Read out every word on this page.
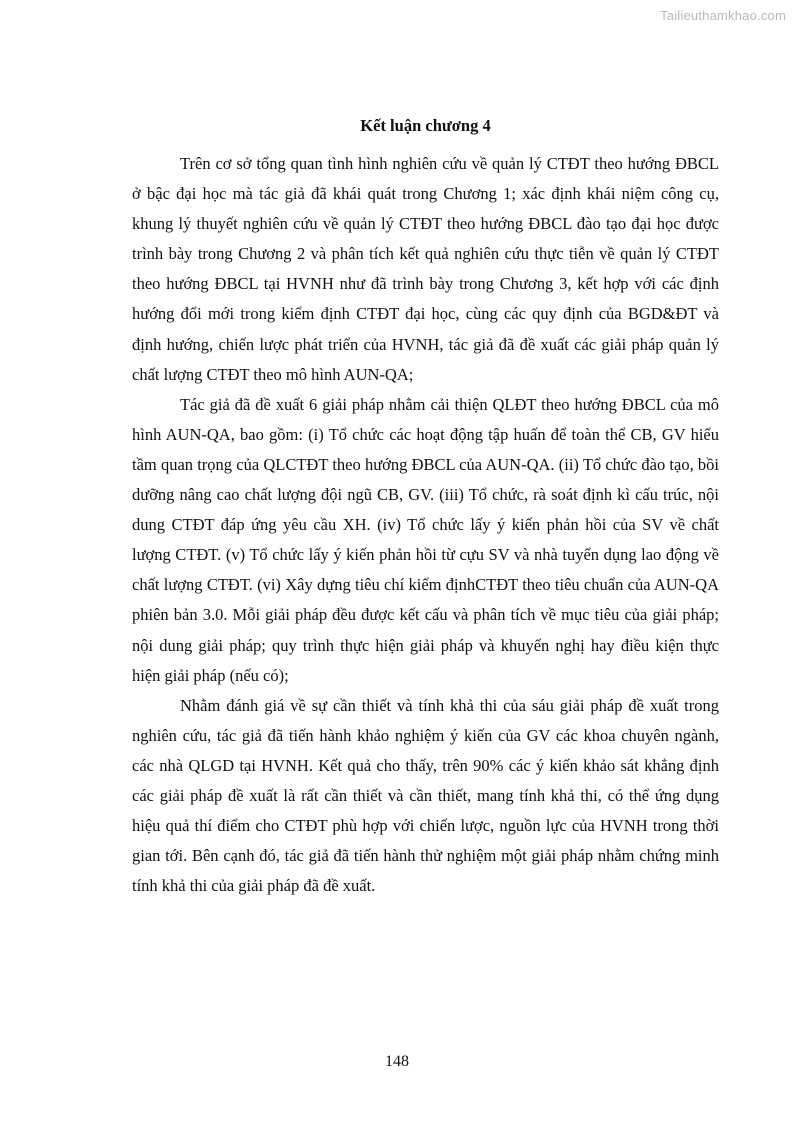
Tailieuthamkhao.com
Kết luận chương 4

Trên cơ sở tổng quan tình hình nghiên cứu về quản lý CTĐT theo hướng ĐBCL ở bậc đại học mà tác giả đã khái quát trong Chương 1; xác định khái niệm công cụ, khung lý thuyết nghiên cứu về quản lý CTĐT theo hướng ĐBCL đào tạo đại học được trình bày trong Chương 2 và phân tích kết quả nghiên cứu thực tiễn về quản lý CTĐT theo hướng ĐBCL tại HVNH như đã trình bày trong Chương 3, kết hợp với các định hướng đổi mới trong kiểm định CTĐT đại học, cùng các quy định của BGD&ĐT và định hướng, chiến lược phát triển của HVNH, tác giả đã đề xuất các giải pháp quản lý chất lượng CTĐT theo mô hình AUN-QA;

Tác giả đã đề xuất 6 giải pháp nhằm cải thiện QLĐT theo hướng ĐBCL của mô hình AUN-QA, bao gồm: (i) Tổ chức các hoạt động tập huấn để toàn thể CB, GV hiểu tầm quan trọng của QLCTĐT theo hướng ĐBCL của AUN-QA. (ii) Tổ chức đào tạo, bồi dưỡng nâng cao chất lượng đội ngũ CB, GV. (iii) Tổ chức, rà soát định kì cấu trúc, nội dung CTĐT đáp ứng yêu cầu XH. (iv) Tổ chức lấy ý kiến phản hồi của SV về chất lượng CTĐT. (v) Tổ chức lấy ý kiến phản hồi từ cựu SV và nhà tuyển dụng lao động về chất lượng CTĐT. (vi) Xây dựng tiêu chí kiểm địnhCTĐT theo tiêu chuẩn của AUN-QA phiên bản 3.0. Mỗi giải pháp đều được kết cấu và phân tích về mục tiêu của giải pháp; nội dung giải pháp; quy trình thực hiện giải pháp và khuyến nghị hay điều kiện thực hiện giải pháp (nếu có);

Nhằm đánh giá về sự cần thiết và tính khả thi của sáu giải pháp đề xuất trong nghiên cứu, tác giả đã tiến hành khảo nghiệm ý kiến của GV các khoa chuyên ngành, các nhà QLGD tại HVNH. Kết quả cho thấy, trên 90% các ý kiến khảo sát khẳng định các giải pháp đề xuất là rất cần thiết và cần thiết, mang tính khả thi, có thể ứng dụng hiệu quả thí điểm cho CTĐT phù hợp với chiến lược, nguồn lực của HVNH trong thời gian tới. Bên cạnh đó, tác giả đã tiến hành thử nghiệm một giải pháp nhằm chứng minh tính khả thi của giải pháp đã đề xuất.

148
